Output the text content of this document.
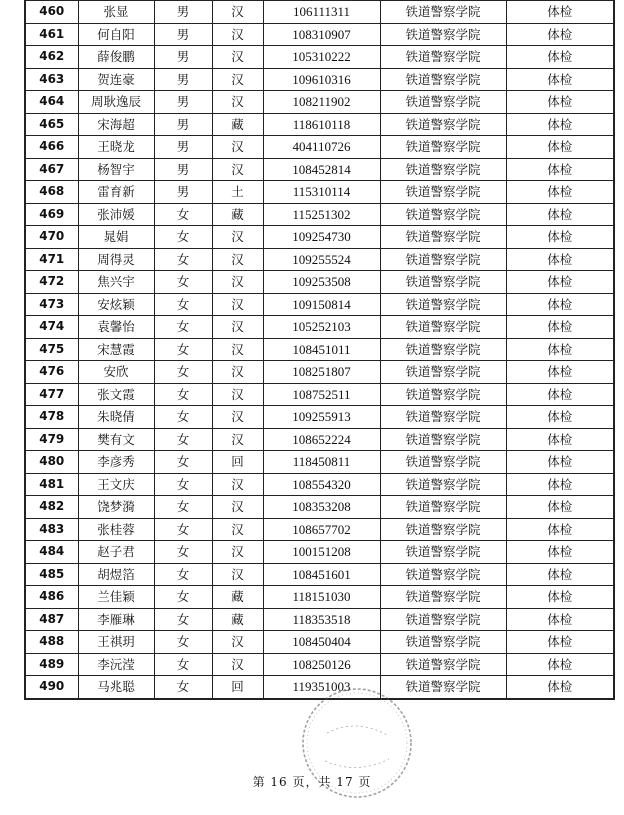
460	张显	男	汉	106111311	铁道警察学院	体检
461	何自阳	男	汉	108310907	铁道警察学院	体检
462	薛俊鹏	男	汉	105310222	铁道警察学院	体检
463	贺连豪	男	汉	109610316	铁道警察学院	体检
464	周耿逸辰	男	汉	108211902	铁道警察学院	体检
465	宋海超	男	藏	118610118	铁道警察学院	体检
466	王晓龙	男	汉	404110726	铁道警察学院	体检
467	杨智宇	男	汉	108452814	铁道警察学院	体检
468	雷育新	男	土	115310114	铁道警察学院	体检
469	张沛媛	女	藏	115251302	铁道警察学院	体检
470	晁娟	女	汉	109254730	铁道警察学院	体检
471	周得灵	女	汉	109255524	铁道警察学院	体检
472	焦兴宇	女	汉	109253508	铁道警察学院	体检
473	安炫颖	女	汉	109150814	铁道警察学院	体检
474	袁馨怡	女	汉	105252103	铁道警察学院	体检
475	宋慧霞	女	汉	108451011	铁道警察学院	体检
476	安欣	女	汉	108251807	铁道警察学院	体检
477	张文霞	女	汉	108752511	铁道警察学院	体检
478	朱晓倩	女	汉	109255913	铁道警察学院	体检
479	樊有文	女	汉	108652224	铁道警察学院	体检
480	李彦秀	女	回	118450811	铁道警察学院	体检
481	王文庆	女	汉	108554320	铁道警察学院	体检
482	饶梦漪	女	汉	108353208	铁道警察学院	体检
483	张桂蓉	女	汉	108657702	铁道警察学院	体检
484	赵子君	女	汉	100151208	铁道警察学院	体检
485	胡煜箔	女	汉	108451601	铁道警察学院	体检
486	兰佳颖	女	藏	118151030	铁道警察学院	体检
487	李雁琳	女	藏	118353518	铁道警察学院	体检
488	王祺玥	女	汉	108450404	铁道警察学院	体检
489	李沅滢	女	汉	108250126	铁道警察学院	体检
490	马兆聪	女	回	119351003	铁道警察学院	体检
第 16 页，共 17 页
